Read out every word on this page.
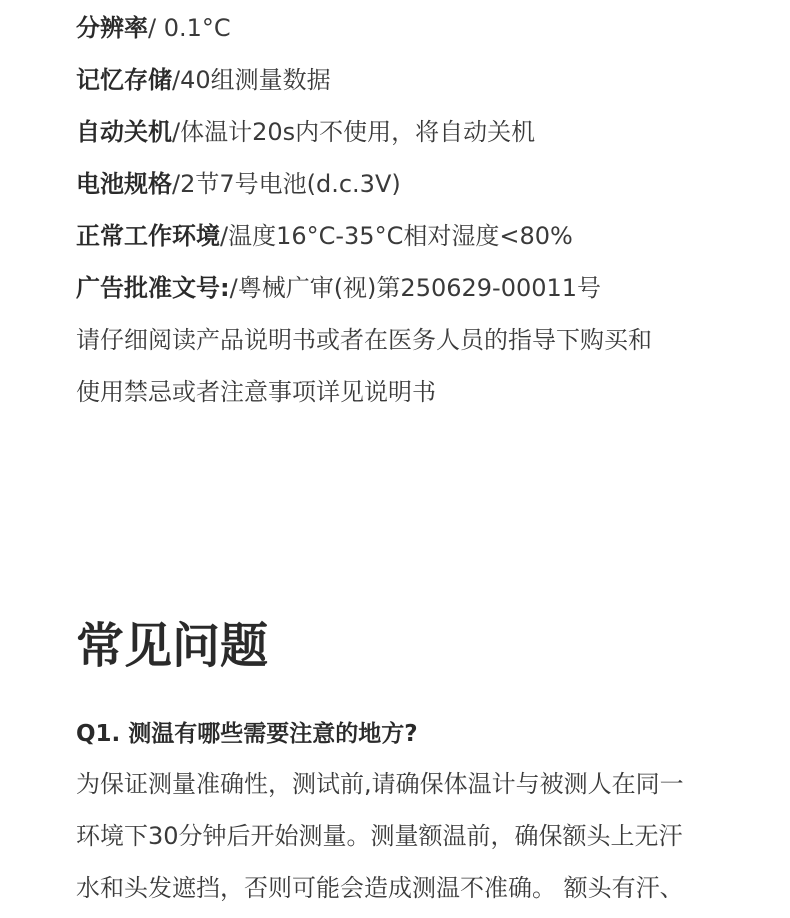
分辨率/ 0.1°C
记忆存储/40组测量数据
自动关机/体温计20s内不使用，将自动关机
电池规格/2节7号电池(d.c.3V)
正常工作环境/温度16°C-35°C相对湿度<80%
广告批准文号:/粤械广审(视)第250629-00011号
请仔细阅读产品说明书或者在医务人员的指导下购买和
使用禁忌或者注意事项详见说明书
常见问题
Q1. 测温有哪些需要注意的地方?
为保证测量准确性，测试前,请确保体温计与被测人在同一
环境下30分钟后开始测量。测量额温前，确保额头上无汗
水和头发遮挡，否则可能会造成测温不准确。 额头有汗、
